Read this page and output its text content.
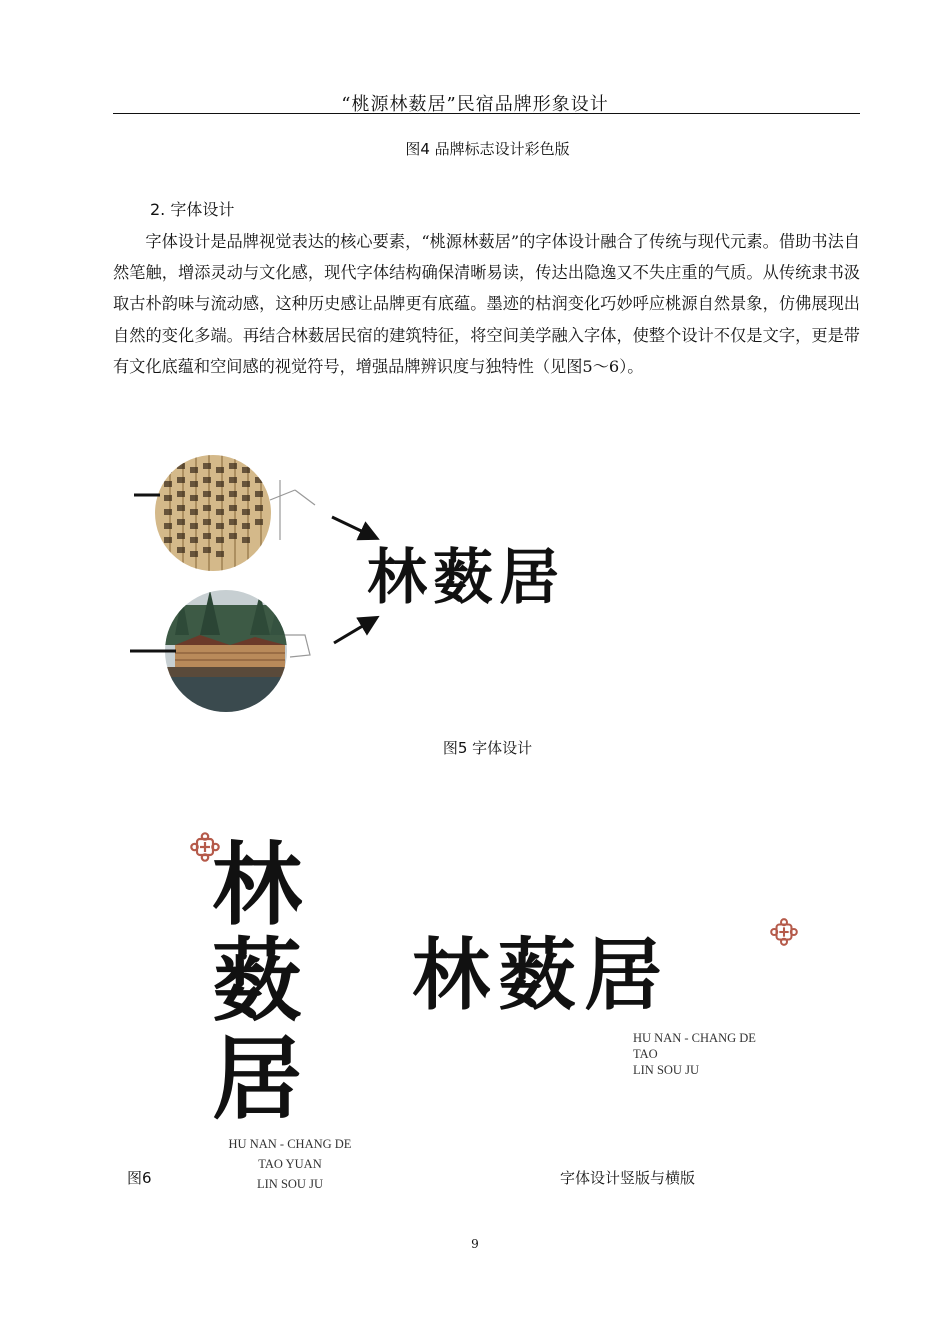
“桃源林薮居”民宿品牌形象设计
图4 品牌标志设计彩色版
2. 字体设计

字体设计是品牌视觉表达的核心要素，“桃源林薮居”的字体设计融合了传统与现代元素。借助书法自然笔触，增添灵动与文化感，现代字体结构确保清晰易读，传达出隐逸又不失庄重的气质。从传统隶书汲取古朴韵味与流动感，这种历史感让品牌更有底蕴。墨迹的枯润变化巧妙呼应桃源自然景象，仿佛展现出自然的变化多端。再结合林薮居民宿的建筑特征，将空间美学融入字体，使整个设计不仅是文字，更是带有文化底蕴和空间感的视觉符号，增强品牌辨识度与独特性（见图5～6）。

林薮居
图5 字体设计
林
薮
居
HU NAN - CHANG DE
TAO YUAN
LIN SOU JU
林薮居
HU NAN - CHANG DE
TAO
LIN SOU JU
图6	字体设计竖版与横版
9
